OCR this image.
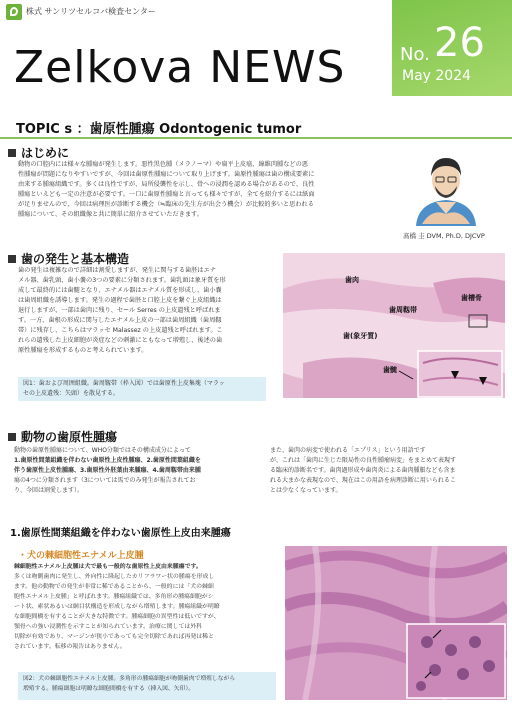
株式 サンリツセルコバ検査センター
Zelkova NEWS	No. 26
May 2024
TOPIC s ：歯原性腫瘍 Odontogenic tumor
はじめに
動物の口腔内には様々な腫瘍が発生します。悪性黒色腫（メラノーマ）や扁平上皮癌、線維肉腫などの悪
性腫瘍が問題になりやすいですが、今回は歯原性腫瘍について取り上げます。歯原性腫瘍は歯の構成要素に
由来する腫瘍組織です。多くは良性ですが、局所侵襲性を示し、骨への浸潤を認める場合があるので、良性
腫瘍といえども一定の注意が必要です。一口に歯原性腫瘍と言っても様々ですが、全てを紹介するには紙面
が足りませんので、今回は病理医が診断する機会（≒臨床の先生方が出会う機会）が比較的多いと思われる
腫瘍について、その組織像と共に簡単に紹介させていただきます。
髙橋 圭 DVM, Ph.D, DJCVP
歯の発生と基本構造
歯の発生は複雑なので詳細は割愛しますが、発生に関与する歯胚はエナ
メル器、歯乳頭、歯小嚢の3つの要素に分類されます。歯乳頭は象牙質を形
成して最終的には歯髄となり、エナメル器はエナメル質を形成し、歯小嚢
は歯周組織を誘導します。発生の過程で歯胚と口腔上皮を繋ぐ上皮組織は
退行しますが、一部は歯肉に残り、セール Serres の上皮遺残と呼ばれま
す。一方、歯根の形成に関与したエナメル上皮の一部は歯周組織（歯周靱
帯）に残存し、こちらはマラッセ Malassez の上皮遺残と呼ばれます。こ
れらの遺残した上皮細胞が炎症などの刺激にともなって増殖し、後述の歯
原性腫瘍を形成するものと考えられています。
図1：歯および周囲組織。歯周靱帯（枠入図）では歯原性上皮集塊（マラッ
セの上皮遺残：矢頭）を散見する。
歯肉
歯槽骨
歯周靱帯
歯(象牙質)
歯髄
動物の歯原性腫瘍
動物の歯原性腫瘍について、WHO分類ではその構成成分によって
1.歯原性間葉組織を伴わない歯原性上皮性腫瘍、2.歯原性間葉組織を
伴う歯原性上皮性腫瘍、3.歯原性外胚葉由来腫瘍、4.歯周靱帯由来腫
瘍の4つに分類されます（3については馬でのみ発生が報告されてお
り、今回は割愛します）。
また、歯肉の病変で使われる「エプリス」という用語です
が、これは「歯肉に生じた限局性の良性腫瘤病変」をまとめて表現す
る臨床的診断名です。歯肉過形成や歯肉炎による歯肉腫脹なども含ま
れる大まかな表現なので、現在はこの用語を病理診断に用いられるこ
とは少なくなっています。
1.歯原性間葉組織を伴わない歯原性上皮由来腫瘍
・犬の棘細胞性エナメル上皮腫
棘細胞性エナメル上皮腫は犬で最も一般的な歯原性上皮由来腫瘍です。
多くは吻側歯肉に発生し、外向性に隆起したカリフラワー状の腫瘍を形成し
ます。他の動物での発生が非常に稀であることから、一般的には「犬の棘細
胞性エナメル上皮腫」と呼ばれます。腫瘍組織では、多角形の腫瘍細胞がシ
ート状、索状あるいは網目状構造を形成しながら増殖します。腫瘍組織が明瞭
な細胞間橋を有することが大きな特徴です。腫瘍細胞の異型性は低いですが、
顎骨への強い浸潤性を示すことが知られています。治療に関しては外科
切除が有効であり、マージンが狭小であっても完全切除であれば再発は稀と
されています。転移の報告はありません。
図2：犬の棘細胞性エナメル上皮腫。多角形の腫瘍細胞が吻側歯肉で増殖しながら
増殖する。腫瘍細胞は明瞭な細胞間橋を有する（挿入図、矢印）。
